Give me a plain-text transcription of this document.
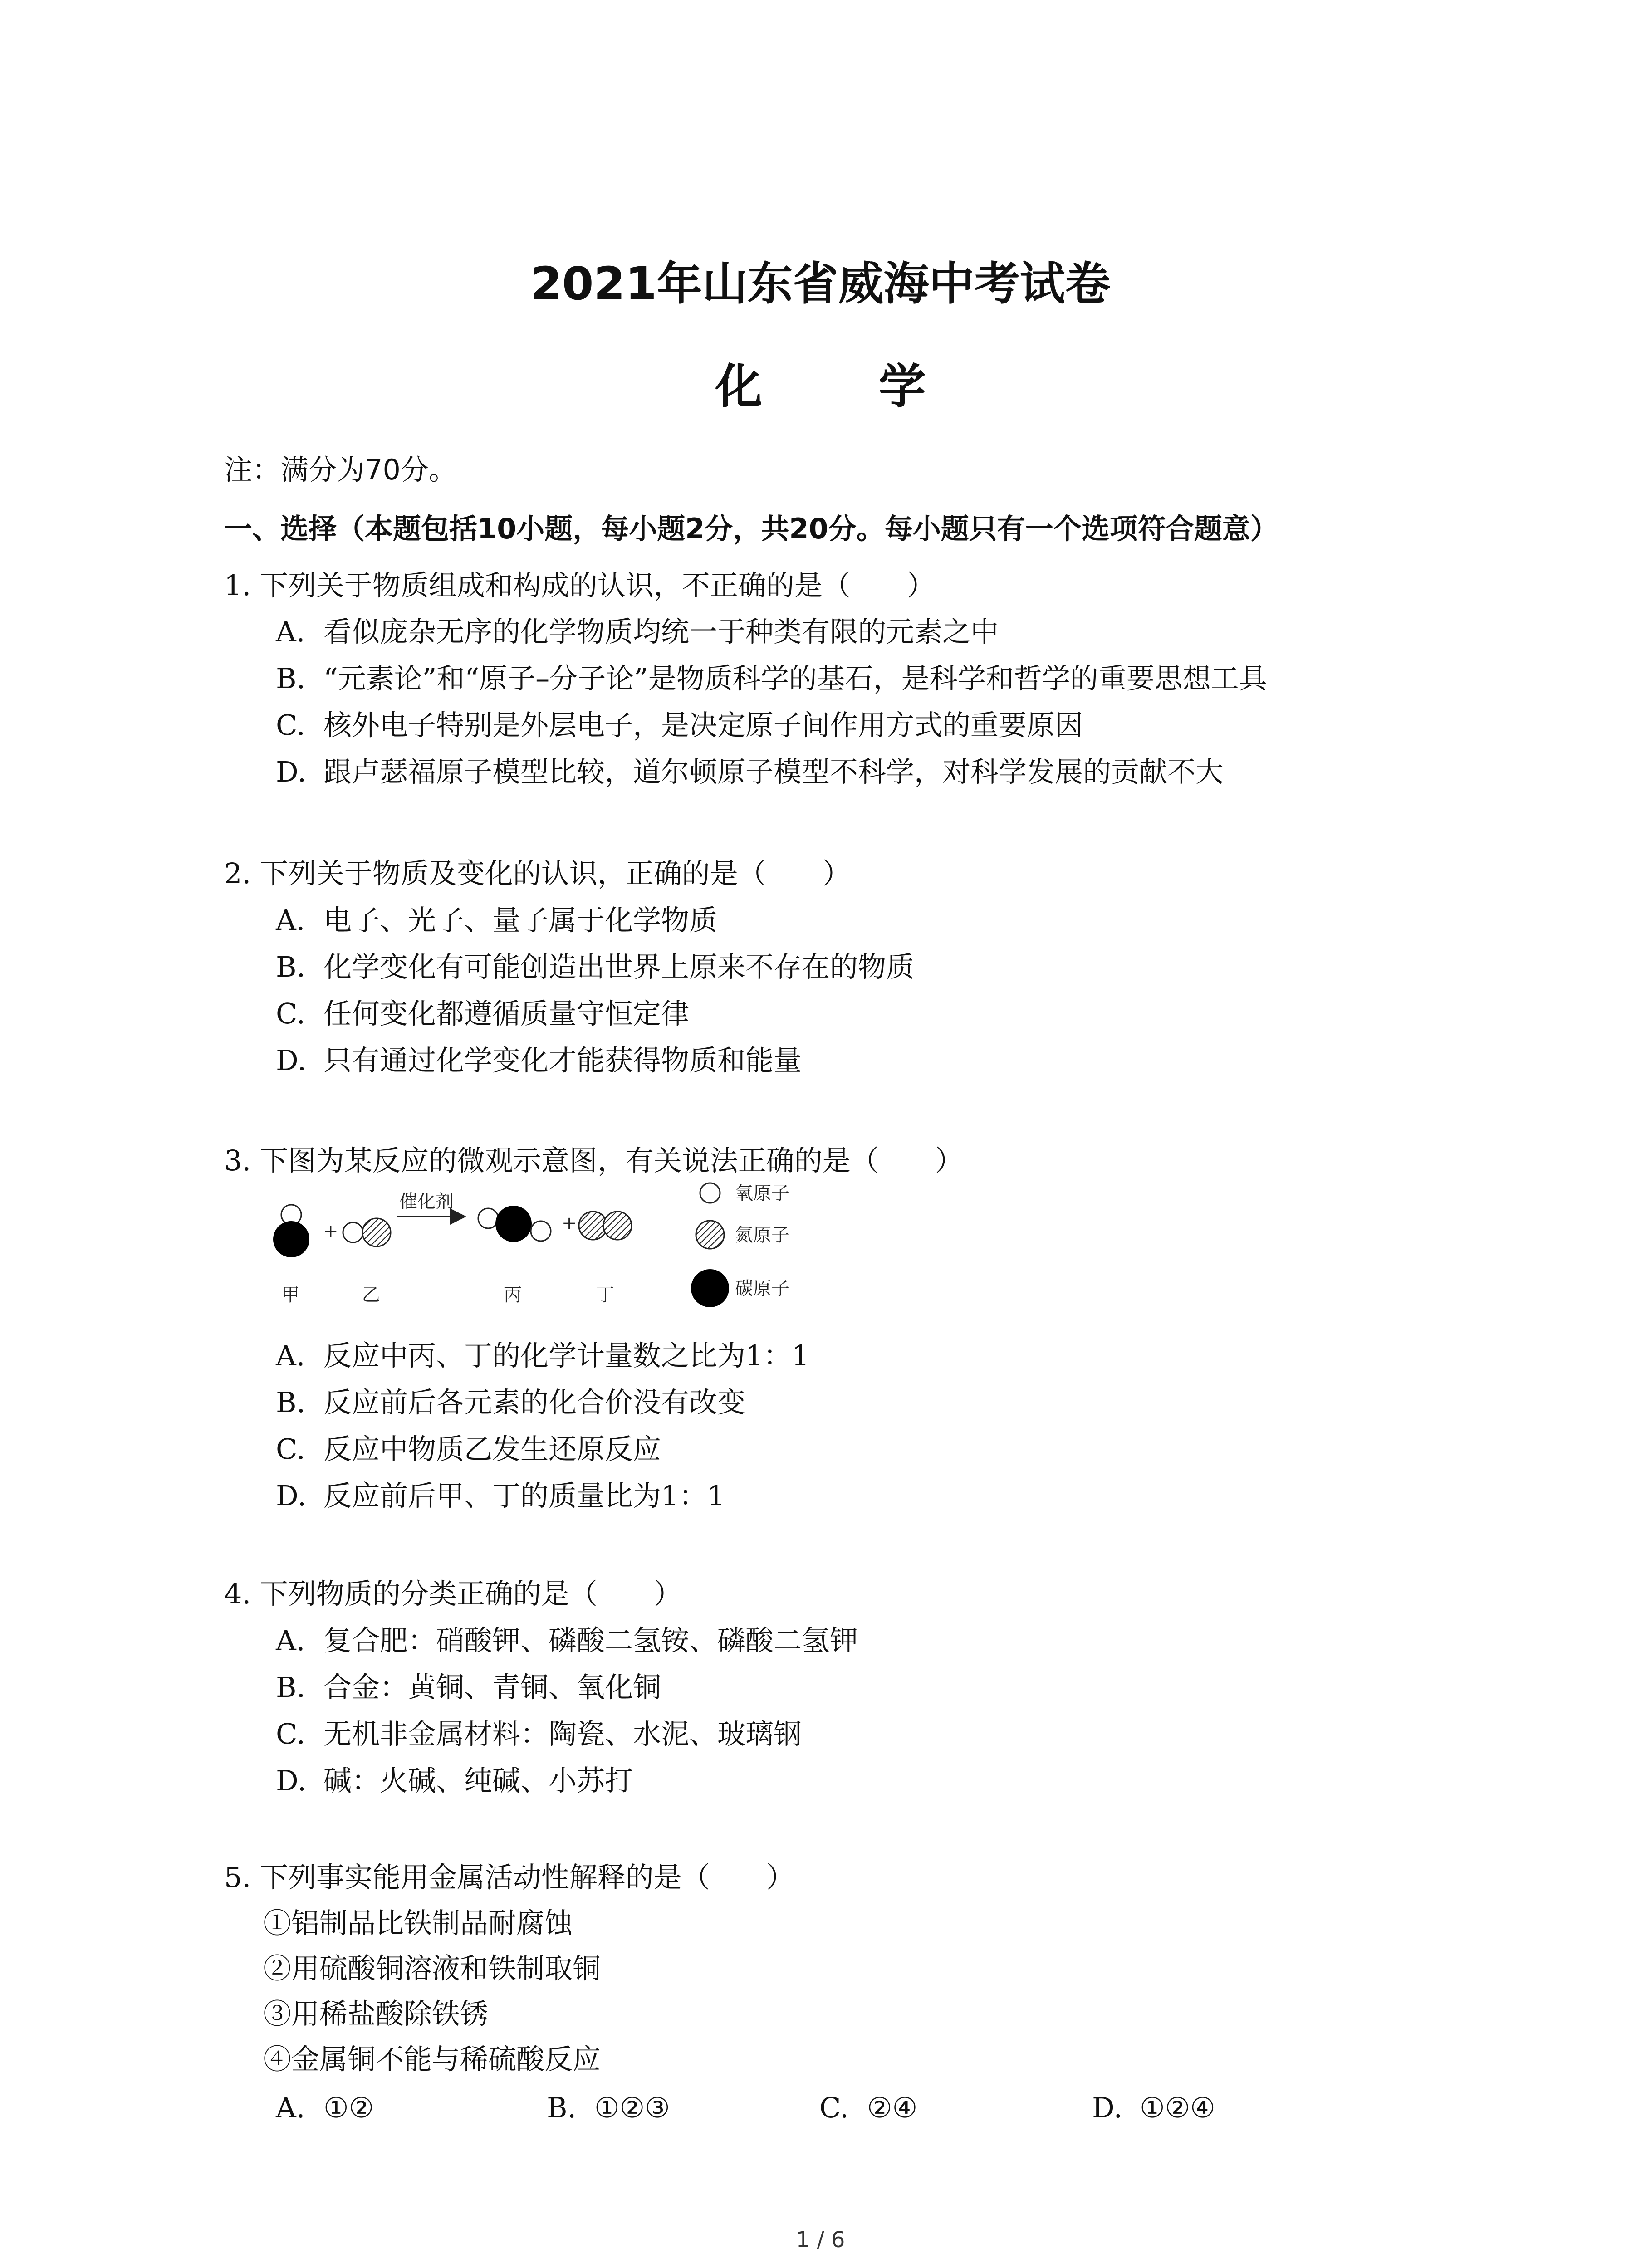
2021年山东省威海中考试卷
化 学
注：满分为70分。
一、选择（本题包括10小题，每小题2分，共20分。每小题只有一个选项符合题意）
1. 下列关于物质组成和构成的认识，不正确的是（　　）
A. 看似庞杂无序的化学物质均统一于种类有限的元素之中
B. “元素论”和“原子–分子论”是物质科学的基石，是科学和哲学的重要思想工具
C. 核外电子特别是外层电子，是决定原子间作用方式的重要原因
D. 跟卢瑟福原子模型比较，道尔顿原子模型不科学，对科学发展的贡献不大
2. 下列关于物质及变化的认识，正确的是（　　）
A. 电子、光子、量子属于化学物质
B. 化学变化有可能创造出世界上原来不存在的物质
C. 任何变化都遵循质量守恒定律
D. 只有通过化学变化才能获得物质和能量
3. 下图为某反应的微观示意图，有关说法正确的是（　　）
+
催化剂
+
甲	乙	丙	丁
氧原子
氮原子
碳原子
A. 反应中丙、丁的化学计量数之比为1：1
B. 反应前后各元素的化合价没有改变
C. 反应中物质乙发生还原反应
D. 反应前后甲、丁的质量比为1：1
4. 下列物质的分类正确的是（　　）
A. 复合肥：硝酸钾、磷酸二氢铵、磷酸二氢钾
B. 合金：黄铜、青铜、氧化铜
C. 无机非金属材料：陶瓷、水泥、玻璃钢
D. 碱：火碱、纯碱、小苏打
5. 下列事实能用金属活动性解释的是（　　）
①铝制品比铁制品耐腐蚀
②用硫酸铜溶液和铁制取铜
③用稀盐酸除铁锈
④金属铜不能与稀硫酸反应
A. ①②	B. ①②③	C. ②④	D. ①②④
1 / 6
